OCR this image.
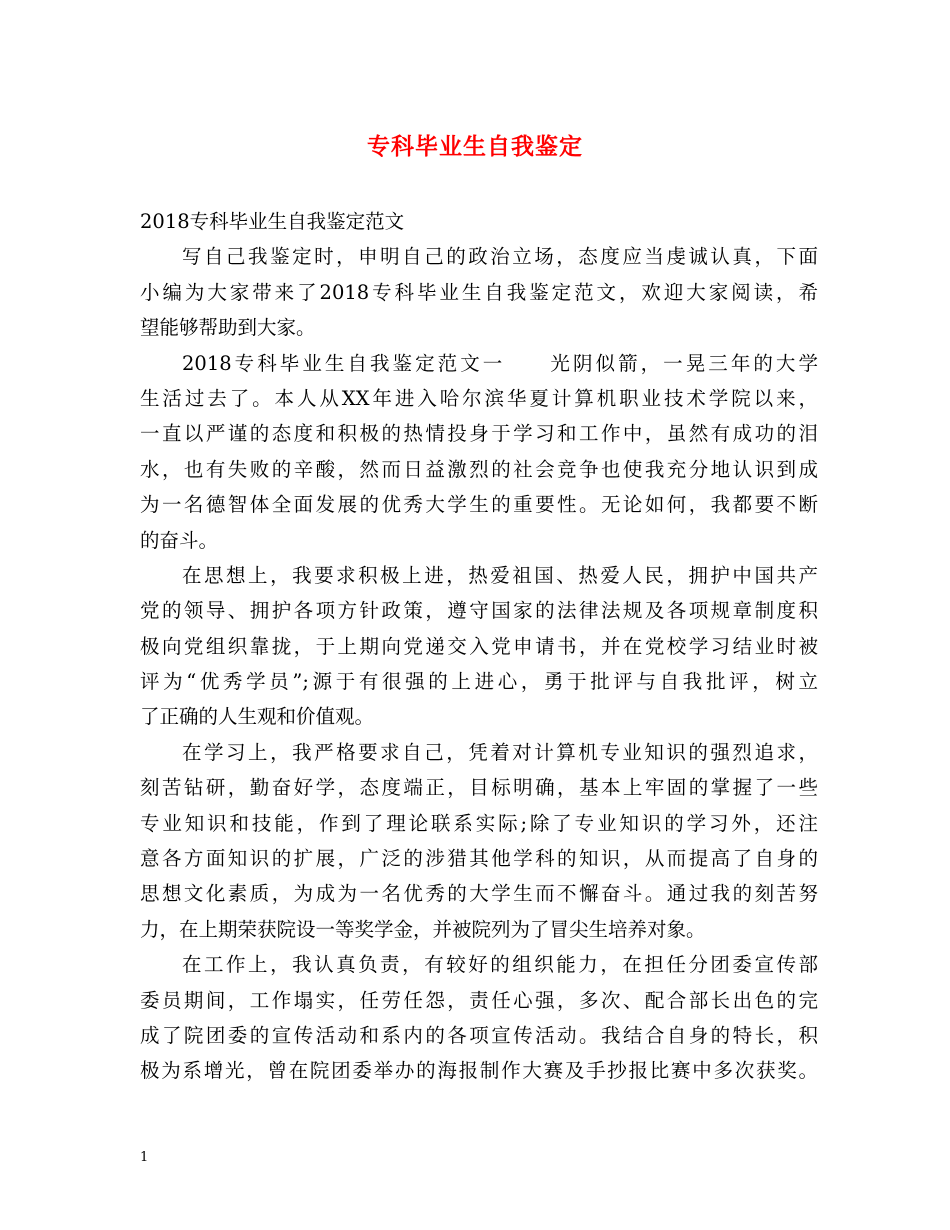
专科毕业生自我鉴定
2018专科毕业生自我鉴定范文
写自己我鉴定时，申明自己的政治立场，态度应当虔诚认真，下面
小编为大家带来了2018专科毕业生自我鉴定范文，欢迎大家阅读，希
望能够帮助到大家。
2018专科毕业生自我鉴定范文一　　光阴似箭，一晃三年的大学
生活过去了。本人从XX年进入哈尔滨华夏计算机职业技术学院以来，
一直以严谨的态度和积极的热情投身于学习和工作中，虽然有成功的泪
水，也有失败的辛酸，然而日益激烈的社会竞争也使我充分地认识到成
为一名德智体全面发展的优秀大学生的重要性。无论如何，我都要不断
的奋斗。
在思想上，我要求积极上进，热爱祖国、热爱人民，拥护中国共产
党的领导、拥护各项方针政策，遵守国家的法律法规及各项规章制度积
极向党组织靠拢，于上期向党递交入党申请书，并在党校学习结业时被
评为“优秀学员”;源于有很强的上进心，勇于批评与自我批评，树立
了正确的人生观和价值观。
在学习上，我严格要求自己，凭着对计算机专业知识的强烈追求，
刻苦钻研，勤奋好学，态度端正，目标明确，基本上牢固的掌握了一些
专业知识和技能，作到了理论联系实际;除了专业知识的学习外，还注
意各方面知识的扩展，广泛的涉猎其他学科的知识，从而提高了自身的
思想文化素质，为成为一名优秀的大学生而不懈奋斗。通过我的刻苦努
力，在上期荣获院设一等奖学金，并被院列为了冒尖生培养对象。
在工作上，我认真负责，有较好的组织能力，在担任分团委宣传部
委员期间，工作塌实，任劳任怨，责任心强，多次、配合部长出色的完
成了院团委的宣传活动和系内的各项宣传活动。我结合自身的特长，积
极为系增光，曾在院团委举办的海报制作大赛及手抄报比赛中多次获奖。
1
